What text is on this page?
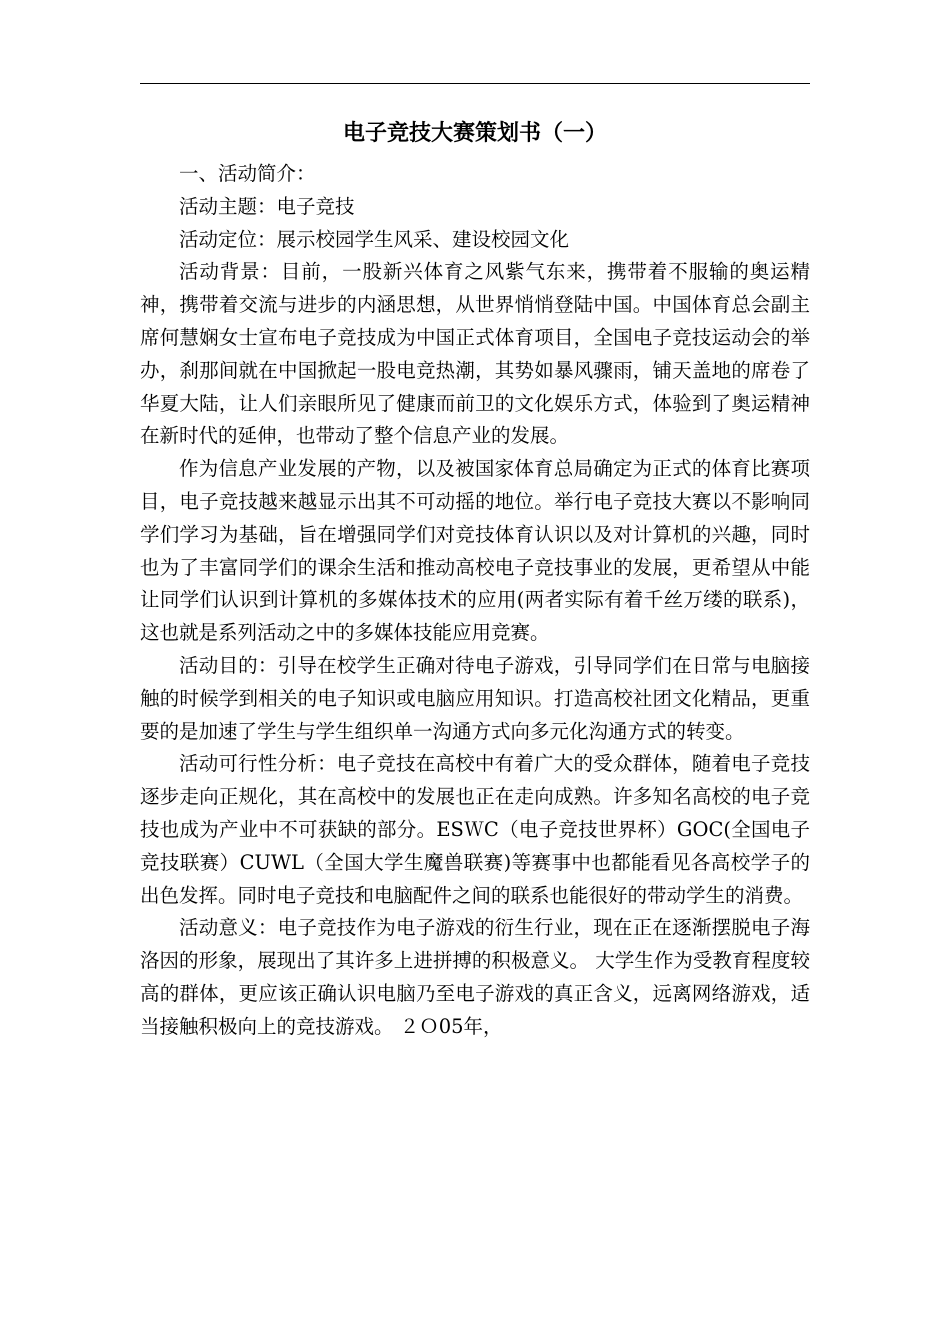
电子竞技大赛策划书（一）

一、活动简介：

活动主题：电子竞技

活动定位：展示校园学生风采、建设校园文化

活动背景：目前，一股新兴体育之风紫气东来，携带着不服输的奥运精神，携带着交流与进步的内涵思想，从世界悄悄登陆中国。中国体育总会副主席何慧娴女士宣布电子竞技成为中国正式体育项目，全国电子竞技运动会的举办，刹那间就在中国掀起一股电竞热潮，其势如暴风骤雨，铺天盖地的席卷了华夏大陆，让人们亲眼所见了健康而前卫的文化娱乐方式，体验到了奥运精神在新时代的延伸，也带动了整个信息产业的发展。

作为信息产业发展的产物，以及被国家体育总局确定为正式的体育比赛项目，电子竞技越来越显示出其不可动摇的地位。举行电子竞技大赛以不影响同学们学习为基础，旨在增强同学们对竞技体育认识以及对计算机的兴趣，同时也为了丰富同学们的课余生活和推动高校电子竞技事业的发展，更希望从中能让同学们认识到计算机的多媒体技术的应用(两者实际有着千丝万缕的联系)，这也就是系列活动之中的多媒体技能应用竞赛。

活动目的：引导在校学生正确对待电子游戏，引导同学们在日常与电脑接触的时候学到相关的电子知识或电脑应用知识。打造高校社团文化精品，更重要的是加速了学生与学生组织单一沟通方式向多元化沟通方式的转变。

活动可行性分析：电子竞技在高校中有着广大的受众群体，随着电子竞技逐步走向正规化，其在高校中的发展也正在走向成熟。许多知名高校的电子竞技也成为产业中不可获缺的部分。ESＷC（电子竞技世界杯）GOC(全国电子竞技联赛）CUWL（全国大学生魔兽联赛)等赛事中也都能看见各高校学子的出色发挥。同时电子竞技和电脑配件之间的联系也能很好的带动学生的消费。

活动意义：电子竞技作为电子游戏的衍生行业，现在正在逐渐摆脱电子海洛因的形象，展现出了其许多上进拼搏的积极意义。 大学生作为受教育程度较高的群体，更应该正确认识电脑乃至电子游戏的真正含义，远离网络游戏，适当接触积极向上的竞技游戏。 ２Ｏ05年，
